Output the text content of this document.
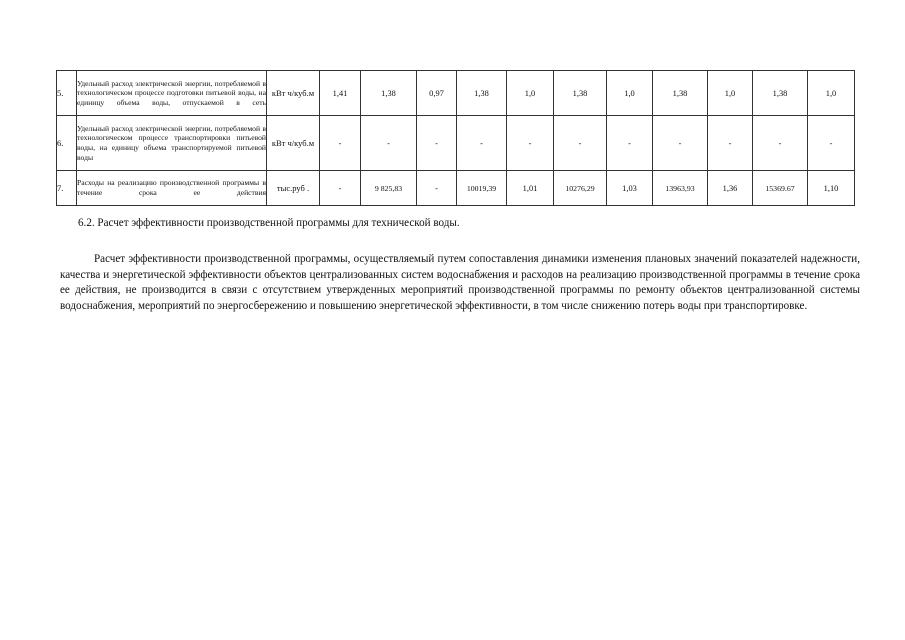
5.	Удельный расход электрической энергии, потребляемой в технологическом процессе подготовки питьевой воды, на единицу объема воды, отпускаемой в сеть	кВт ч/куб.м	1,41	1,38	0,97	1,38	1,0	1,38	1,0	1,38	1,0	1,38	1,0
6.	Удельный расход электрической энергии, потребляемой в технологическом процессе транспортировки питьевой воды, на единицу объема транспортируемой питьевой воды	кВт ч/куб.м	-	-	-	-	-	-	-	-	-	-	-
7.	Расходы на реализацию производственной программы в течение срока ее действия	тыс.руб .	-	9 825,83	-	10019,39	1,01	10276,29	1,03	13963,93	1,36	15369.67	1,10
6.2. Расчет эффективности производственной программы для технической воды.

Расчет эффективности производственной программы, осуществляемый путем сопоставления динамики изменения плановых значений показателей надежности, качества и энергетической эффективности объектов централизованных систем водоснабжения и расходов на реализацию производственной программы в течение срока ее действия, не производится в связи с отсутствием утвержденных мероприятий производственной программы по ремонту объектов централизованной системы водоснабжения, мероприятий по энергосбережению и повышению энергетической эффективности, в том числе снижению потерь воды при транспортировке.
